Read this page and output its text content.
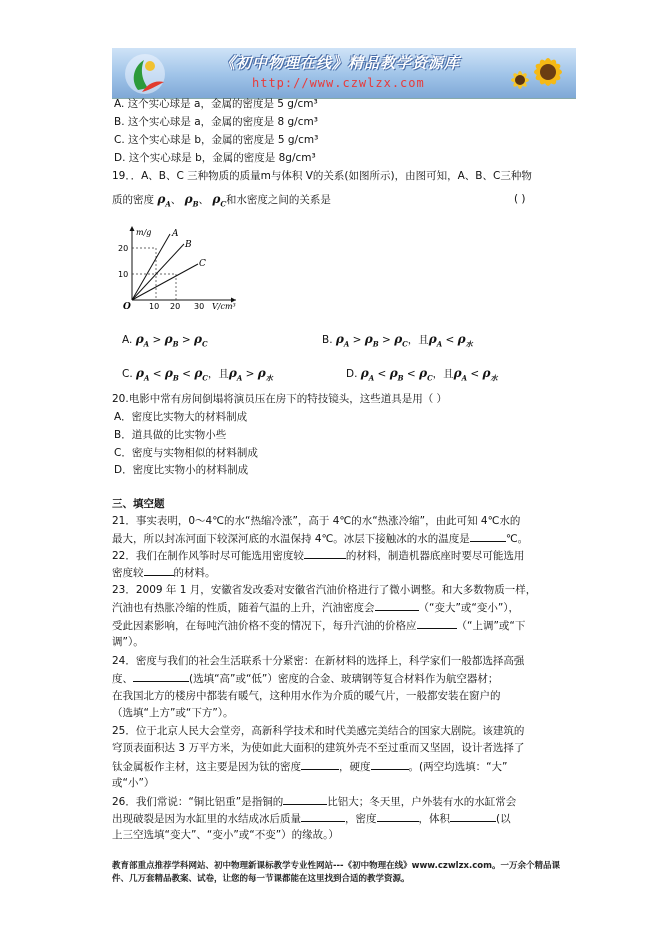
《初中物理在线》精品教学资源库
http://www.czwlzx.com
A. 这个实心球是 a，金属的密度是 5 g/cm³
B. 这个实心球是 a，金属的密度是 8 g/cm³
C. 这个实心球是 b，金属的密度是 5 g/cm³
D. 这个实心球是 b，金属的密度是 8g/cm³
19．．A、B、C 三种物质的质量m与体积 V的关系(如图所示)，由图可知，A、B、C三种物
质的密度 $\rho_A$、 $\rho_B$、 $\rho_C$和水密度之间的关系是	( )
m/g
V/cm³
20
10
10 20 30
O
A
B
C
A. $\rho_A > \rho_B > \rho_C$	B. $\rho_A > \rho_B > \rho_C$，且$\rho_A < \rho_水$
C. $\rho_A < \rho_B < \rho_C$，且$\rho_A > \rho_水$	D. $\rho_A < \rho_B < \rho_C$，且$\rho_A < \rho_水$
20.电影中常有房间倒塌将演员压在房下的特技镜头，这些道具是用（ ）
A．密度比实物大的材料制成
B．道具做的比实物小些
C．密度与实物相似的材料制成
D．密度比实物小的材料制成
三、填空题
21．事实表明，0～4℃的水“热缩冷涨”，高于 4℃的水“热涨冷缩”，由此可知 4℃水的
最大，所以封冻河面下较深河底的水温保持 4℃。冰层下接触冰的水的温度是	℃。
22．我们在制作风筝时尽可能选用密度较	的材料，制造机器底座时要尽可能选用
密度较	的材料。
23．2009 年 1 月，安徽省发改委对安徽省汽油价格进行了微小调整。和大多数物质一样，
汽油也有热胀冷缩的性质，随着气温的上升，汽油密度会	（“变大”或“变小”），
受此因素影响，在每吨汽油价格不变的情况下，每升汽油的价格应	（“上调”或“下
调”）。
24．密度与我们的社会生活联系十分紧密：在新材料的选择上，科学家们一般都选择高强
度、	(选填“高”或“低”）密度的合金、玻璃钢等复合材料作为航空器材；
在我国北方的楼房中都装有暖气，这种用水作为介质的暖气片，一般都安装在窗户的
（选填“上方”或“下方”）。
25．位于北京人民大会堂旁，高新科学技术和时代美感完美结合的国家大剧院。该建筑的
穹顶表面积达 3 万平方米，为使如此大面积的建筑外壳不至过重而又坚固，设计者选择了
钛金属板作主材，这主要是因为钛的密度	，硬度	。(两空均选填：“大”
或“小”）
26．我们常说：“铜比铝重”是指铜的	比铝大；冬天里，户外装有水的水缸常会
出现破裂是因为水缸里的水结成冰后质量	，密度	，体积	(以
上三空选填“变大”、“变小”或“不变”）的缘故。）
教育部重点推荐学科网站、初中物理新课标教学专业性网站---《初中物理在线》www.czwlzx.com。一万余个精品课件、几万套精品教案、试卷，让您的每一节课都能在这里找到合适的教学资源。
